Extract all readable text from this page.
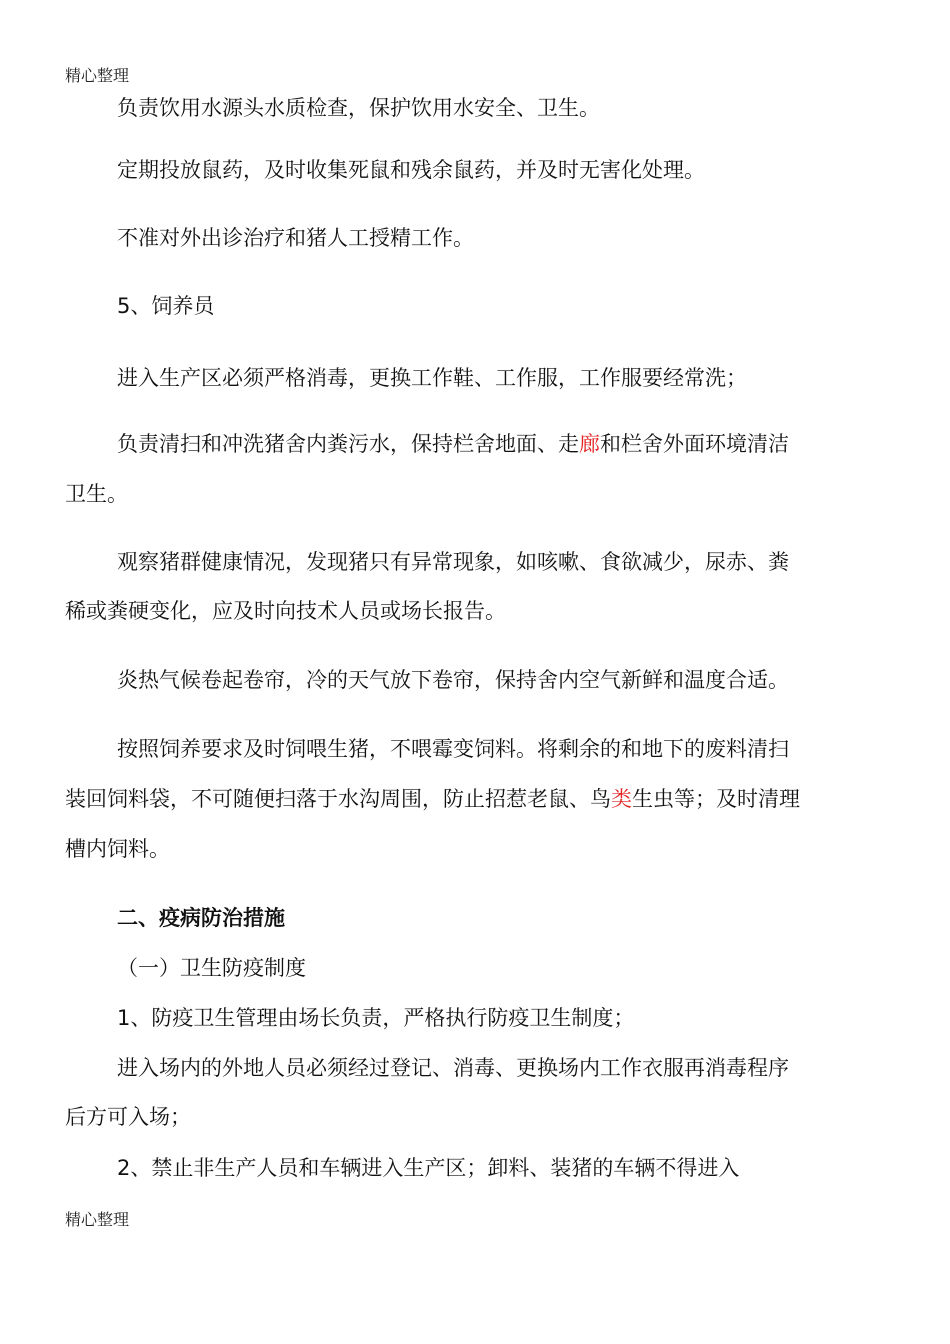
精心整理
负责饮用水源头水质检查，保护饮用水安全、卫生。
定期投放鼠药，及时收集死鼠和残余鼠药，并及时无害化处理。
不准对外出诊治疗和猪人工授精工作。
5、饲养员
进入生产区必须严格消毒，更换工作鞋、工作服，工作服要经常洗；
负责清扫和冲洗猪舍内粪污水，保持栏舍地面、走廊和栏舍外面环境清洁
卫生。
观察猪群健康情况，发现猪只有异常现象，如咳嗽、食欲减少，尿赤、粪
稀或粪硬变化，应及时向技术人员或场长报告。
炎热气候卷起卷帘，冷的天气放下卷帘，保持舍内空气新鲜和温度合适。
按照饲养要求及时饲喂生猪，不喂霉变饲料。将剩余的和地下的废料清扫
装回饲料袋，不可随便扫落于水沟周围，防止招惹老鼠、鸟类生虫等；及时清理
槽内饲料。
二、疫病防治措施
（一）卫生防疫制度
1、防疫卫生管理由场长负责，严格执行防疫卫生制度；
进入场内的外地人员必须经过登记、消毒、更换场内工作衣服再消毒程序
后方可入场；
2、禁止非生产人员和车辆进入生产区；卸料、装猪的车辆不得进入
精心整理
